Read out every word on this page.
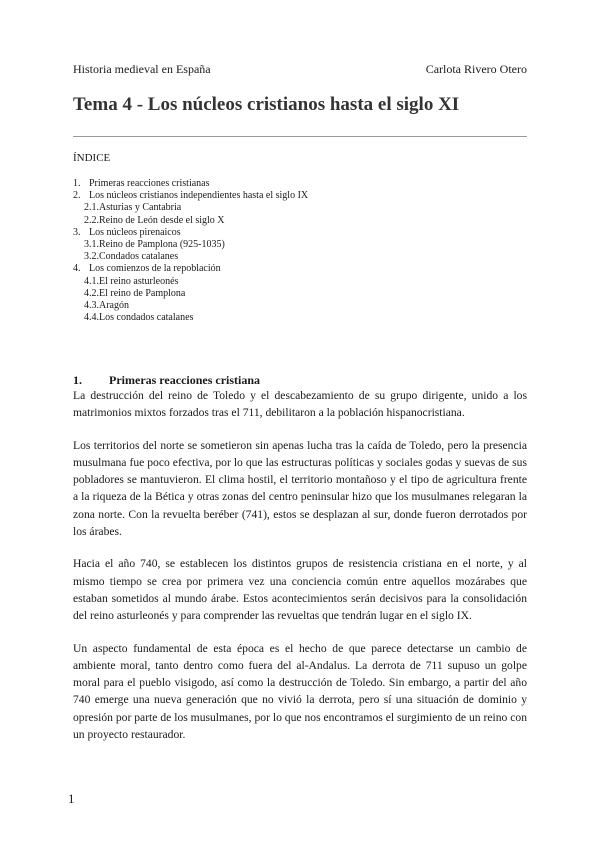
Historia medieval en España	Carlota Rivero Otero
Tema 4 - Los núcleos cristianos hasta el siglo XI
ÍNDICE
1. Primeras reacciones cristianas
2. Los núcleos cristianos independientes hasta el siglo IX
2.1.Asturias y Cantabria
2.2.Reino de León desde el siglo X
3. Los núcleos pirenaicos
3.1.Reino de Pamplona (925-1035)
3.2.Condados catalanes
4. Los comienzos de la repoblación
4.1.El reino asturleonés
4.2.El reino de Pamplona
4.3.Aragón
4.4.Los condados catalanes
1. Primeras reacciones cristiana

La destrucción del reino de Toledo y el descabezamiento de su grupo dirigente, unido a los matrimonios mixtos forzados tras el 711, debilitaron a la población hispanocristiana.

Los territorios del norte se sometieron sin apenas lucha tras la caída de Toledo, pero la presencia musulmana fue poco efectiva, por lo que las estructuras políticas y sociales godas y suevas de sus pobladores se mantuvieron. El clima hostil, el territorio montañoso y el tipo de agricultura frente a la riqueza de la Bética y otras zonas del centro peninsular hizo que los musulmanes relegaran la zona norte. Con la revuelta beréber (741), estos se desplazan al sur, donde fueron derrotados por los árabes.

Hacia el año 740, se establecen los distintos grupos de resistencia cristiana en el norte, y al mismo tiempo se crea por primera vez una conciencia común entre aquellos mozárabes que estaban sometidos al mundo árabe. Estos acontecimientos serán decisivos para la consolidación del reino asturleonés y para comprender las revueltas que tendrán lugar en el siglo IX.

Un aspecto fundamental de esta época es el hecho de que parece detectarse un cambio de ambiente moral, tanto dentro como fuera del al-Andalus. La derrota de 711 supuso un golpe moral para el pueblo visigodo, así como la destrucción de Toledo. Sin embargo, a partir del año 740 emerge una nueva generación que no vivió la derrota, pero sí una situación de dominio y opresión por parte de los musulmanes, por lo que nos encontramos el surgimiento de un reino con un proyecto restaurador.

1
